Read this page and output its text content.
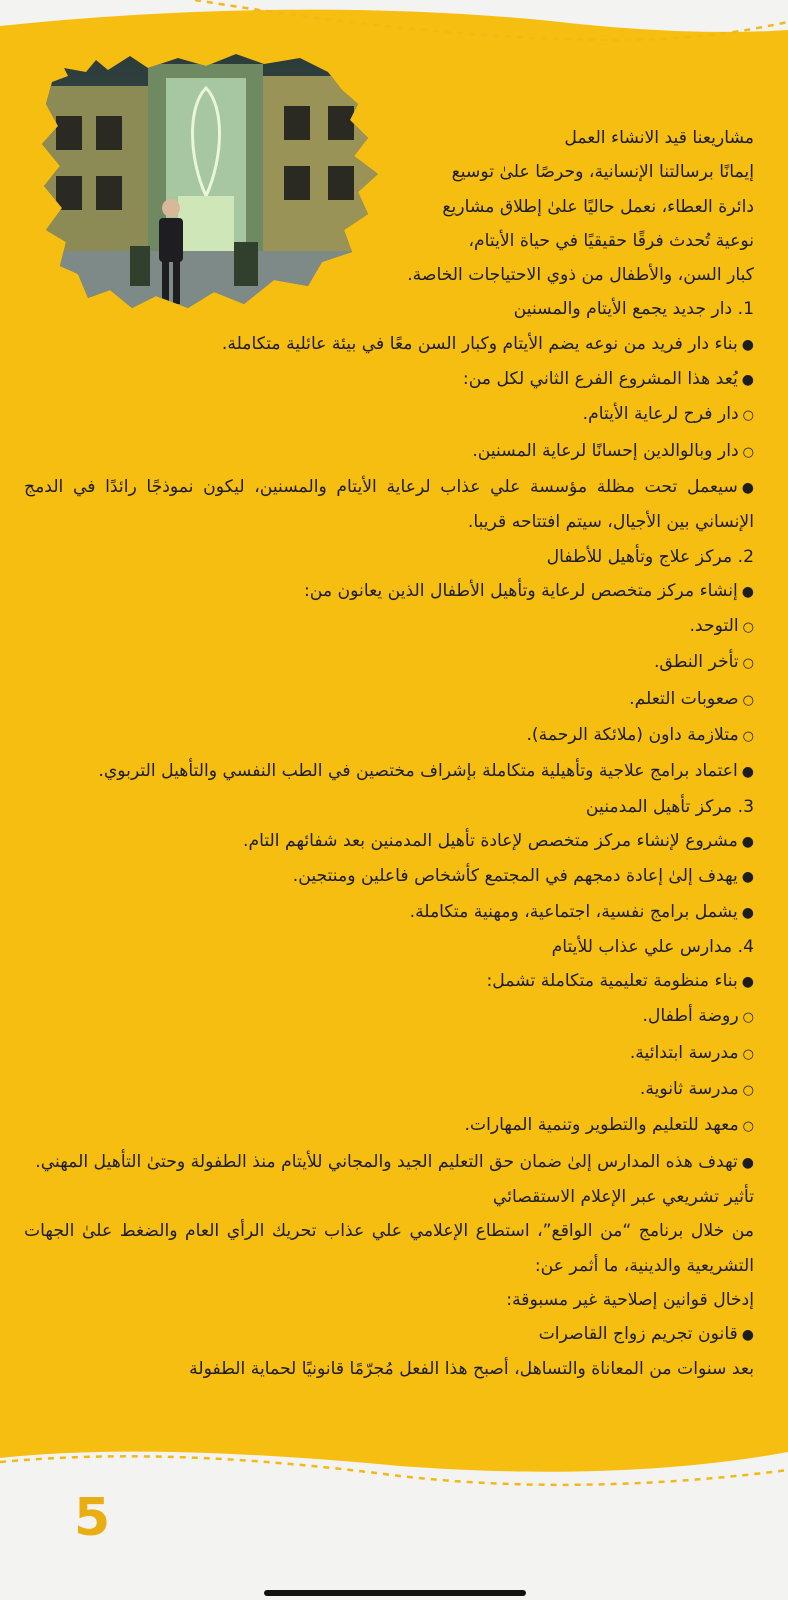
مشاريعنا قيد الانشاء العمل
إيمانًا برسالتنا الإنسانية، وحرصًا علىٰ توسيع
دائرة العطاء، نعمل حاليًا علىٰ إطلاق مشاريع
نوعية تُحدث فرقًا حقيقيًا في حياة الأيتام،
كبار السن، والأطفال من ذوي الاحتياجات الخاصة.
1. دار جديد يجمع الأيتام والمسنين
●بناء دار فريد من نوعه يضم الأيتام وكبار السن معًا في بيئة عائلية متكاملة.
●يُعد هذا المشروع الفرع الثاني لكل من:
○دار فرح لرعاية الأيتام.
○دار وبالوالدين إحسانًا لرعاية المسنين.
●سيعمل تحت مظلة مؤسسة علي عذاب لرعاية الأيتام والمسنين، ليكون نموذجًا رائدًا في الدمج الإنساني بين الأجيال، سيتم افتتاحه قريبا.
2. مركز علاج وتأهيل للأطفال
●إنشاء مركز متخصص لرعاية وتأهيل الأطفال الذين يعانون من:
○التوحد.
○تأخر النطق.
○صعوبات التعلم.
○متلازمة داون (ملائكة الرحمة).
●اعتماد برامج علاجية وتأهيلية متكاملة بإشراف مختصين في الطب النفسي والتأهيل التربوي.
3. مركز تأهيل المدمنين
●مشروع لإنشاء مركز متخصص لإعادة تأهيل المدمنين بعد شفائهم التام.
●يهدف إلىٰ إعادة دمجهم في المجتمع كأشخاص فاعلين ومنتجين.
●يشمل برامج نفسية، اجتماعية، ومهنية متكاملة.
4. مدارس علي عذاب للأيتام
●بناء منظومة تعليمية متكاملة تشمل:
○روضة أطفال.
○مدرسة ابتدائية.
○مدرسة ثانوية.
○معهد للتعليم والتطوير وتنمية المهارات.
●تهدف هذه المدارس إلىٰ ضمان حق التعليم الجيد والمجاني للأيتام منذ الطفولة وحتىٰ التأهيل المهني.
تأثير تشريعي عبر الإعلام الاستقصائي
من خلال برنامج “من الواقع”، استطاع الإعلامي علي عذاب تحريك الرأي العام والضغط علىٰ الجهات التشريعية والدينية، ما أثمر عن:
إدخال قوانين إصلاحية غير مسبوقة:
●قانون تجريم زواج القاصرات
بعد سنوات من المعاناة والتساهل، أصبح هذا الفعل مُجرّمًا قانونيًا لحماية الطفولة
5
